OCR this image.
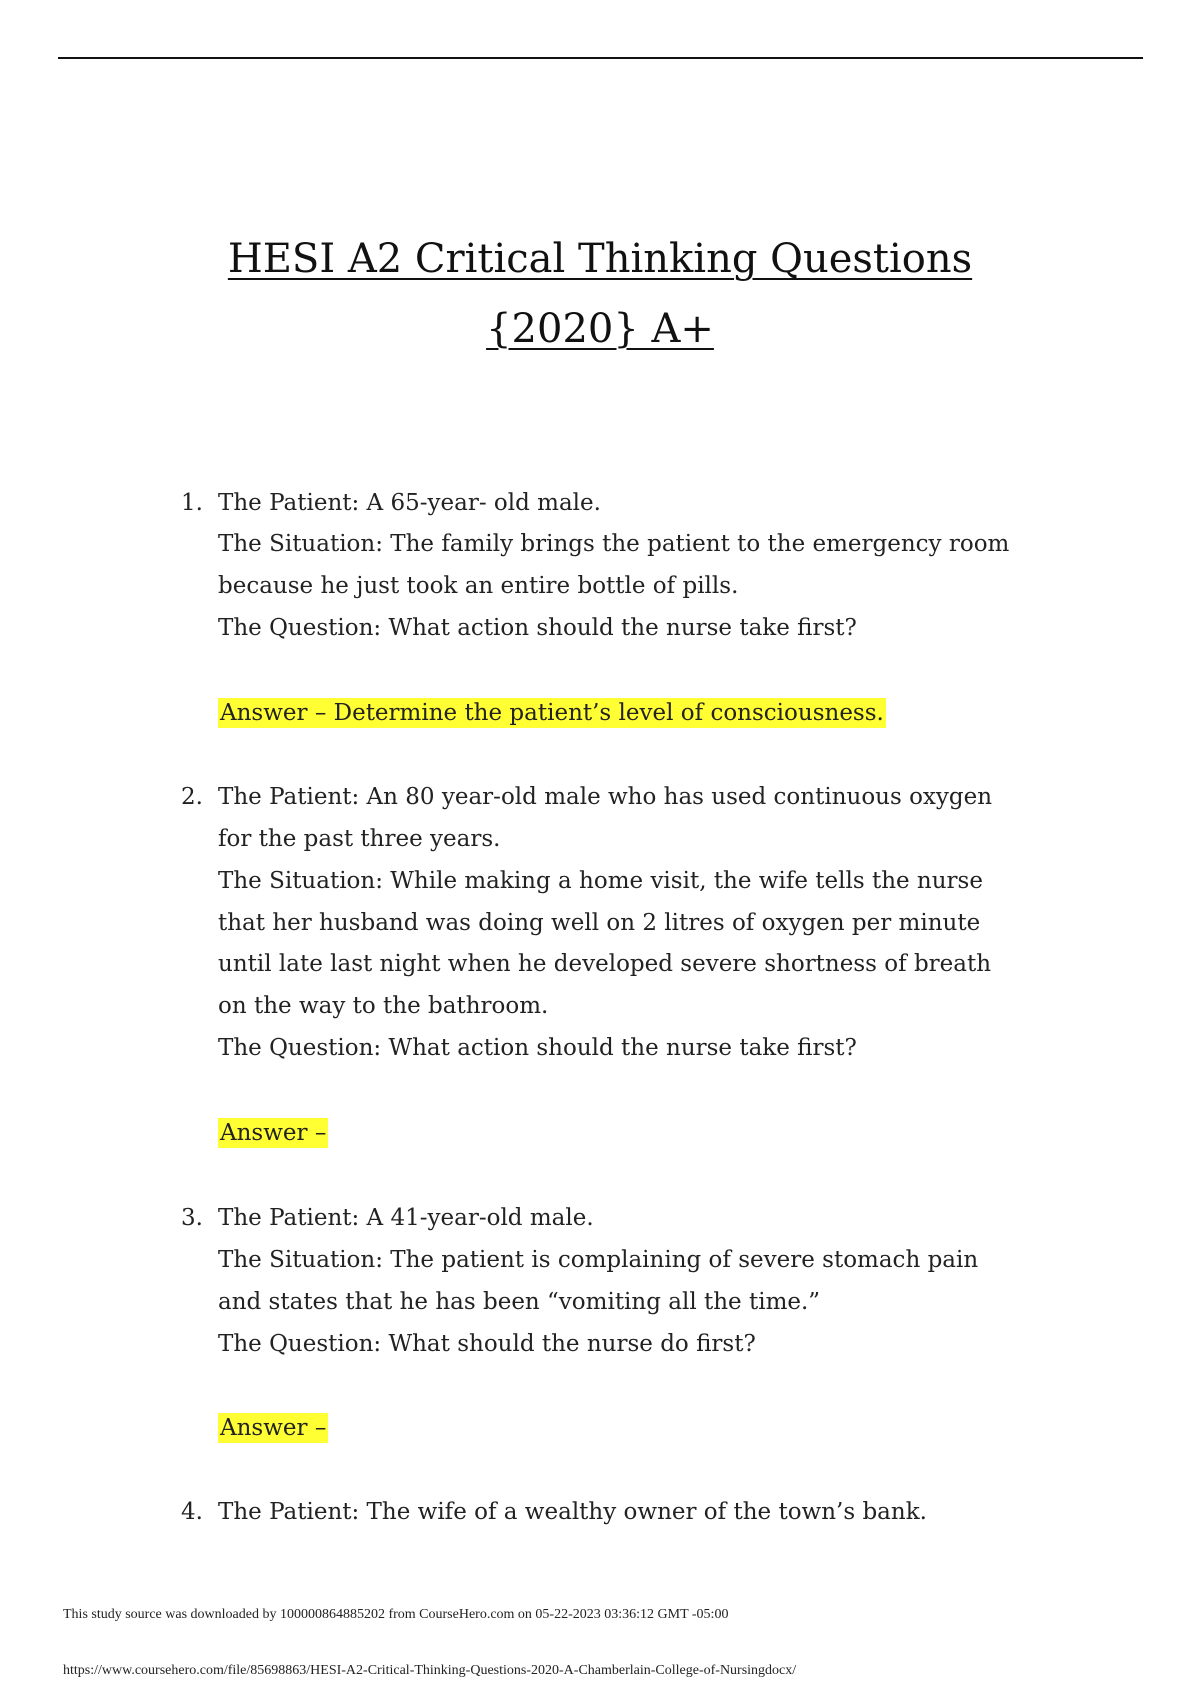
HESI A2 Critical Thinking Questions
{2020} A+
1. The Patient: A 65-year- old male.
The Situation: The family brings the patient to the emergency room
because he just took an entire bottle of pills.
The Question: What action should the nurse take first?
Answer – Determine the patient’s level of consciousness.
2. The Patient: An 80 year-old male who has used continuous oxygen
for the past three years.
The Situation: While making a home visit, the wife tells the nurse
that her husband was doing well on 2 litres of oxygen per minute
until late last night when he developed severe shortness of breath
on the way to the bathroom.
The Question: What action should the nurse take first?
Answer –
3. The Patient: A 41-year-old male.
The Situation: The patient is complaining of severe stomach pain
and states that he has been “vomiting all the time.”
The Question: What should the nurse do first?
Answer –
4. The Patient: The wife of a wealthy owner of the town’s bank.
This study source was downloaded by 100000864885202 from CourseHero.com on 05-22-2023 03:36:12 GMT -05:00
https://www.coursehero.com/file/85698863/HESI-A2-Critical-Thinking-Questions-2020-A-Chamberlain-College-of-Nursingdocx/
